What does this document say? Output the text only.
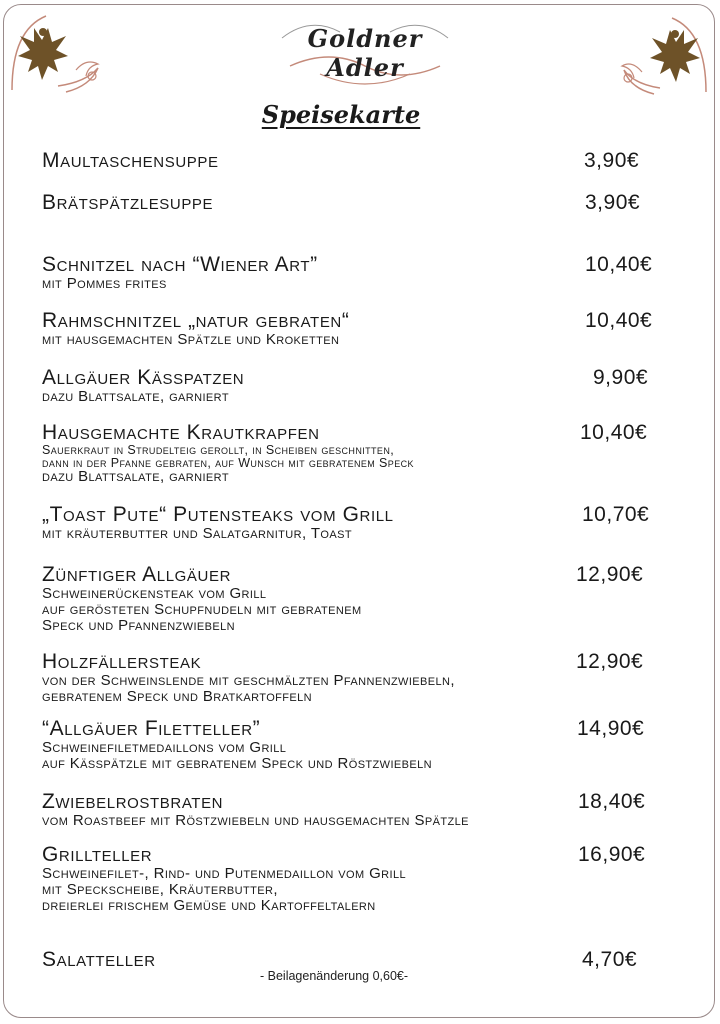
Goldner Adler
Speisekarte
Maultaschensuppe	3,90€
Brätspätzlesuppe	3,90€
Schnitzel nach “Wiener Art”	10,40€
mit Pommes frites
Rahmschnitzel „natur gebraten“	10,40€
mit hausgemachten Spätzle und Kroketten
Allgäuer Kässpatzen	9,90€
dazu Blattsalate, garniert
Hausgemachte Krautkrapfen	10,40€
Sauerkraut in Strudelteig gerollt, in Scheiben geschnitten,
dann in der Pfanne gebraten, auf Wunsch mit gebratenem Speck
dazu Blattsalate, garniert
„Toast Pute“ Putensteaks vom Grill	10,70€
mit kräuterbutter und Salatgarnitur, Toast
Zünftiger Allgäuer	12,90€
Schweinerückensteak vom Grill
auf gerösteten Schupfnudeln mit gebratenem
Speck und Pfannenzwiebeln
Holzfällersteak	12,90€
von der Schweinslende mit geschmälzten Pfannenzwiebeln,
gebratenem Speck und Bratkartoffeln
“Allgäuer Filetteller”	14,90€
Schweinefiletmedaillons vom Grill
auf Kässpätzle mit gebratenem Speck und Röstzwiebeln
Zwiebelrostbraten	18,40€
vom Roastbeef mit Röstzwiebeln und hausgemachten Spätzle
Grillteller	16,90€
Schweinefilet-, Rind- und Putenmedaillon vom Grill
mit Speckscheibe, Kräuterbutter,
dreierlei frischem Gemüse und Kartoffeltalern
Salatteller	4,70€
- Beilagenänderung 0,60€-
